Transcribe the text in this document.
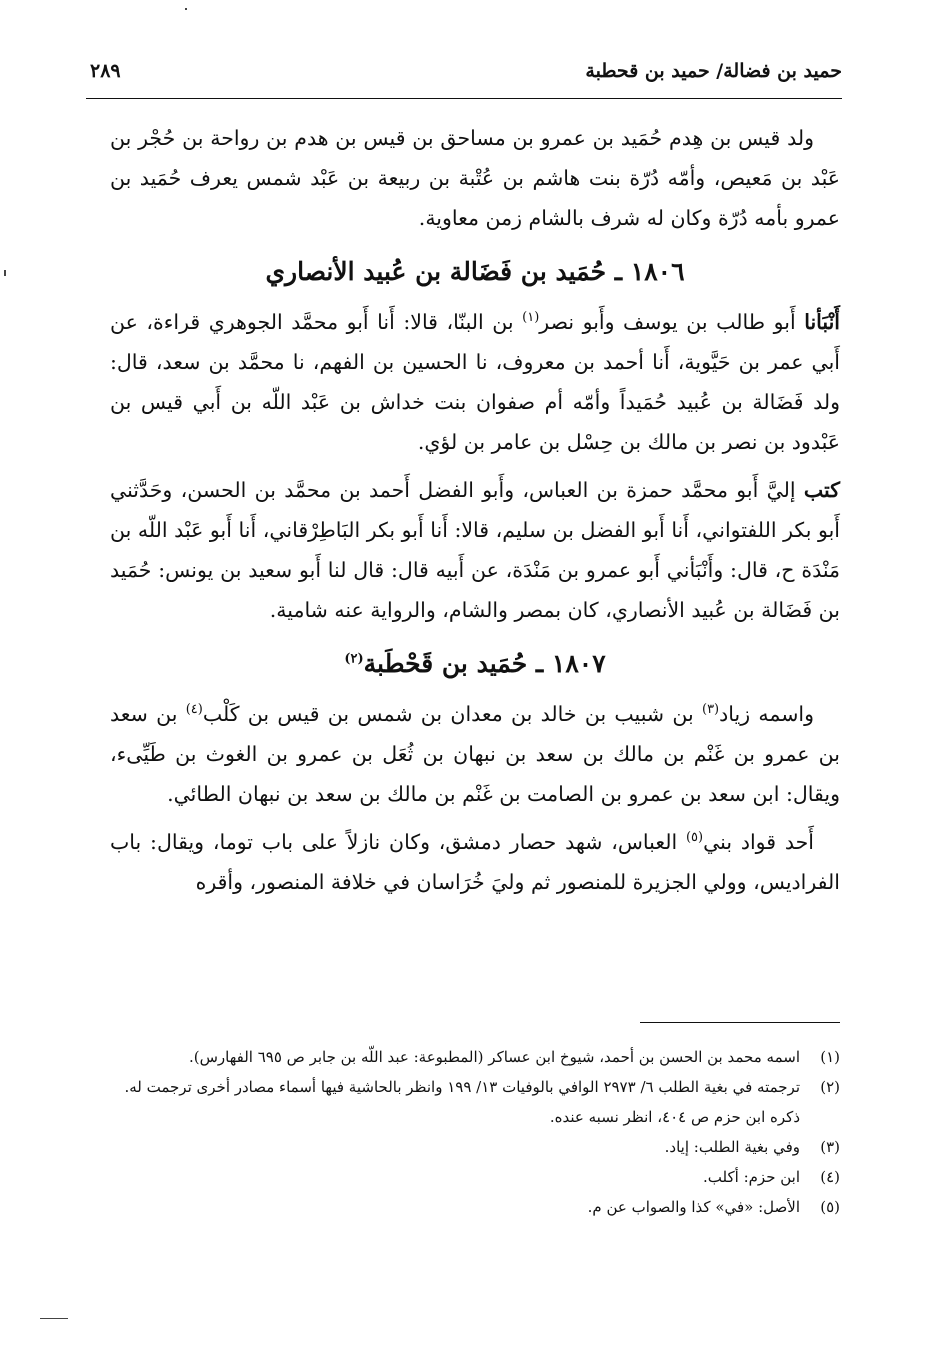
حميد بن فضالة/ حميد بن قحطبة
٢٨٩

ولد قيس بن هِدم حُمَيد بن عمرو بن مساحق بن قيس بن هدم بن رواحة بن حُجْر بن عَبْد بن مَعيص، وأمّه دُرّة بنت هاشم بن عُتْبة بن ربيعة بن عَبْد شمس يعرف حُمَيد بن عمرو بأمه دُرّة وكان له شرف بالشام زمن معاوية.

١٨٠٦ ـ حُمَيد بن فَضَالة بن عُبيد الأنصاري

أَنْبَأنا أَبو طالب بن يوسف وأَبو نصر$^{(١)}$ بن البنّا، قالا: أَنا أَبو محمَّد الجوهري قراءة، عن أَبي عمر بن حَيَّوية، أَنا أحمد بن معروف، نا الحسين بن الفهم، نا محمَّد بن سعد، قال: ولد فَضَالة بن عُبيد حُمَيداً وأمّه أم صفوان بنت خداش بن عَبْد اللّه بن أَبي قيس بن عَبْدود بن نصر بن مالك بن حِسْل بن عامر بن لؤي.

كتب إليَّ أَبو محمَّد حمزة بن العباس، وأَبو الفضل أَحمد بن محمَّد بن الحسن، وحَدَّثني أَبو بكر اللفتواني، أَنا أَبو الفضل بن سليم، قالا: أَنا أَبو بكر البَاطِرْقاني، أَنا أَبو عَبْد اللّه بن مَنْدَة ح، قال: وأَنْبَأني أَبو عمرو بن مَنْدَة، عن أَبيه قال: قال لنا أَبو سعيد بن يونس: حُمَيد بن فَضَالة بن عُبيد الأنصاري، كان بمصر والشام، والرواية عنه شامية.

١٨٠٧ ـ حُمَيد بن قَحْطَبة$^{(٢)}$

واسمه زياد$^{(٣)}$ بن شبيب بن خالد بن معدان بن شمس بن قيس بن كَلْب$^{(٤)}$ بن سعد بن عمرو بن غَنْم بن مالك بن سعد بن نبهان بن ثُعَل بن عمرو بن الغوث بن طَيِّىء، ويقال: ابن سعد بن عمرو بن الصامت بن غَنْم بن مالك بن سعد بن نبهان الطائي.

أَحد قواد بني$^{(٥)}$ العباس، شهد حصار دمشق، وكان نازلاً على باب توما، ويقال: باب الفراديس، وولي الجزيرة للمنصور ثم وليَ خُرَاسان في خلافة المنصور، وأقره

(١)
اسمه محمد بن الحسن بن أحمد، شيوخ ابن عساكر (المطبوعة: عبد اللّه بن جابر ص ٦٩٥ الفهارس).
(٢)
ترجمته في بغية الطلب ٦/ ٢٩٧٣ الوافي بالوفيات ١٣/ ١٩٩ وانظر بالحاشية فيها أسماء مصادر أخرى ترجمت له.
ذكره ابن حزم ص ٤٠٤، انظر نسبه عنده.
(٣)
وفي بغية الطلب: إياد.
(٤)
ابن حزم: أكلب.
(٥)
الأصل: «في» كذا والصواب عن م.
